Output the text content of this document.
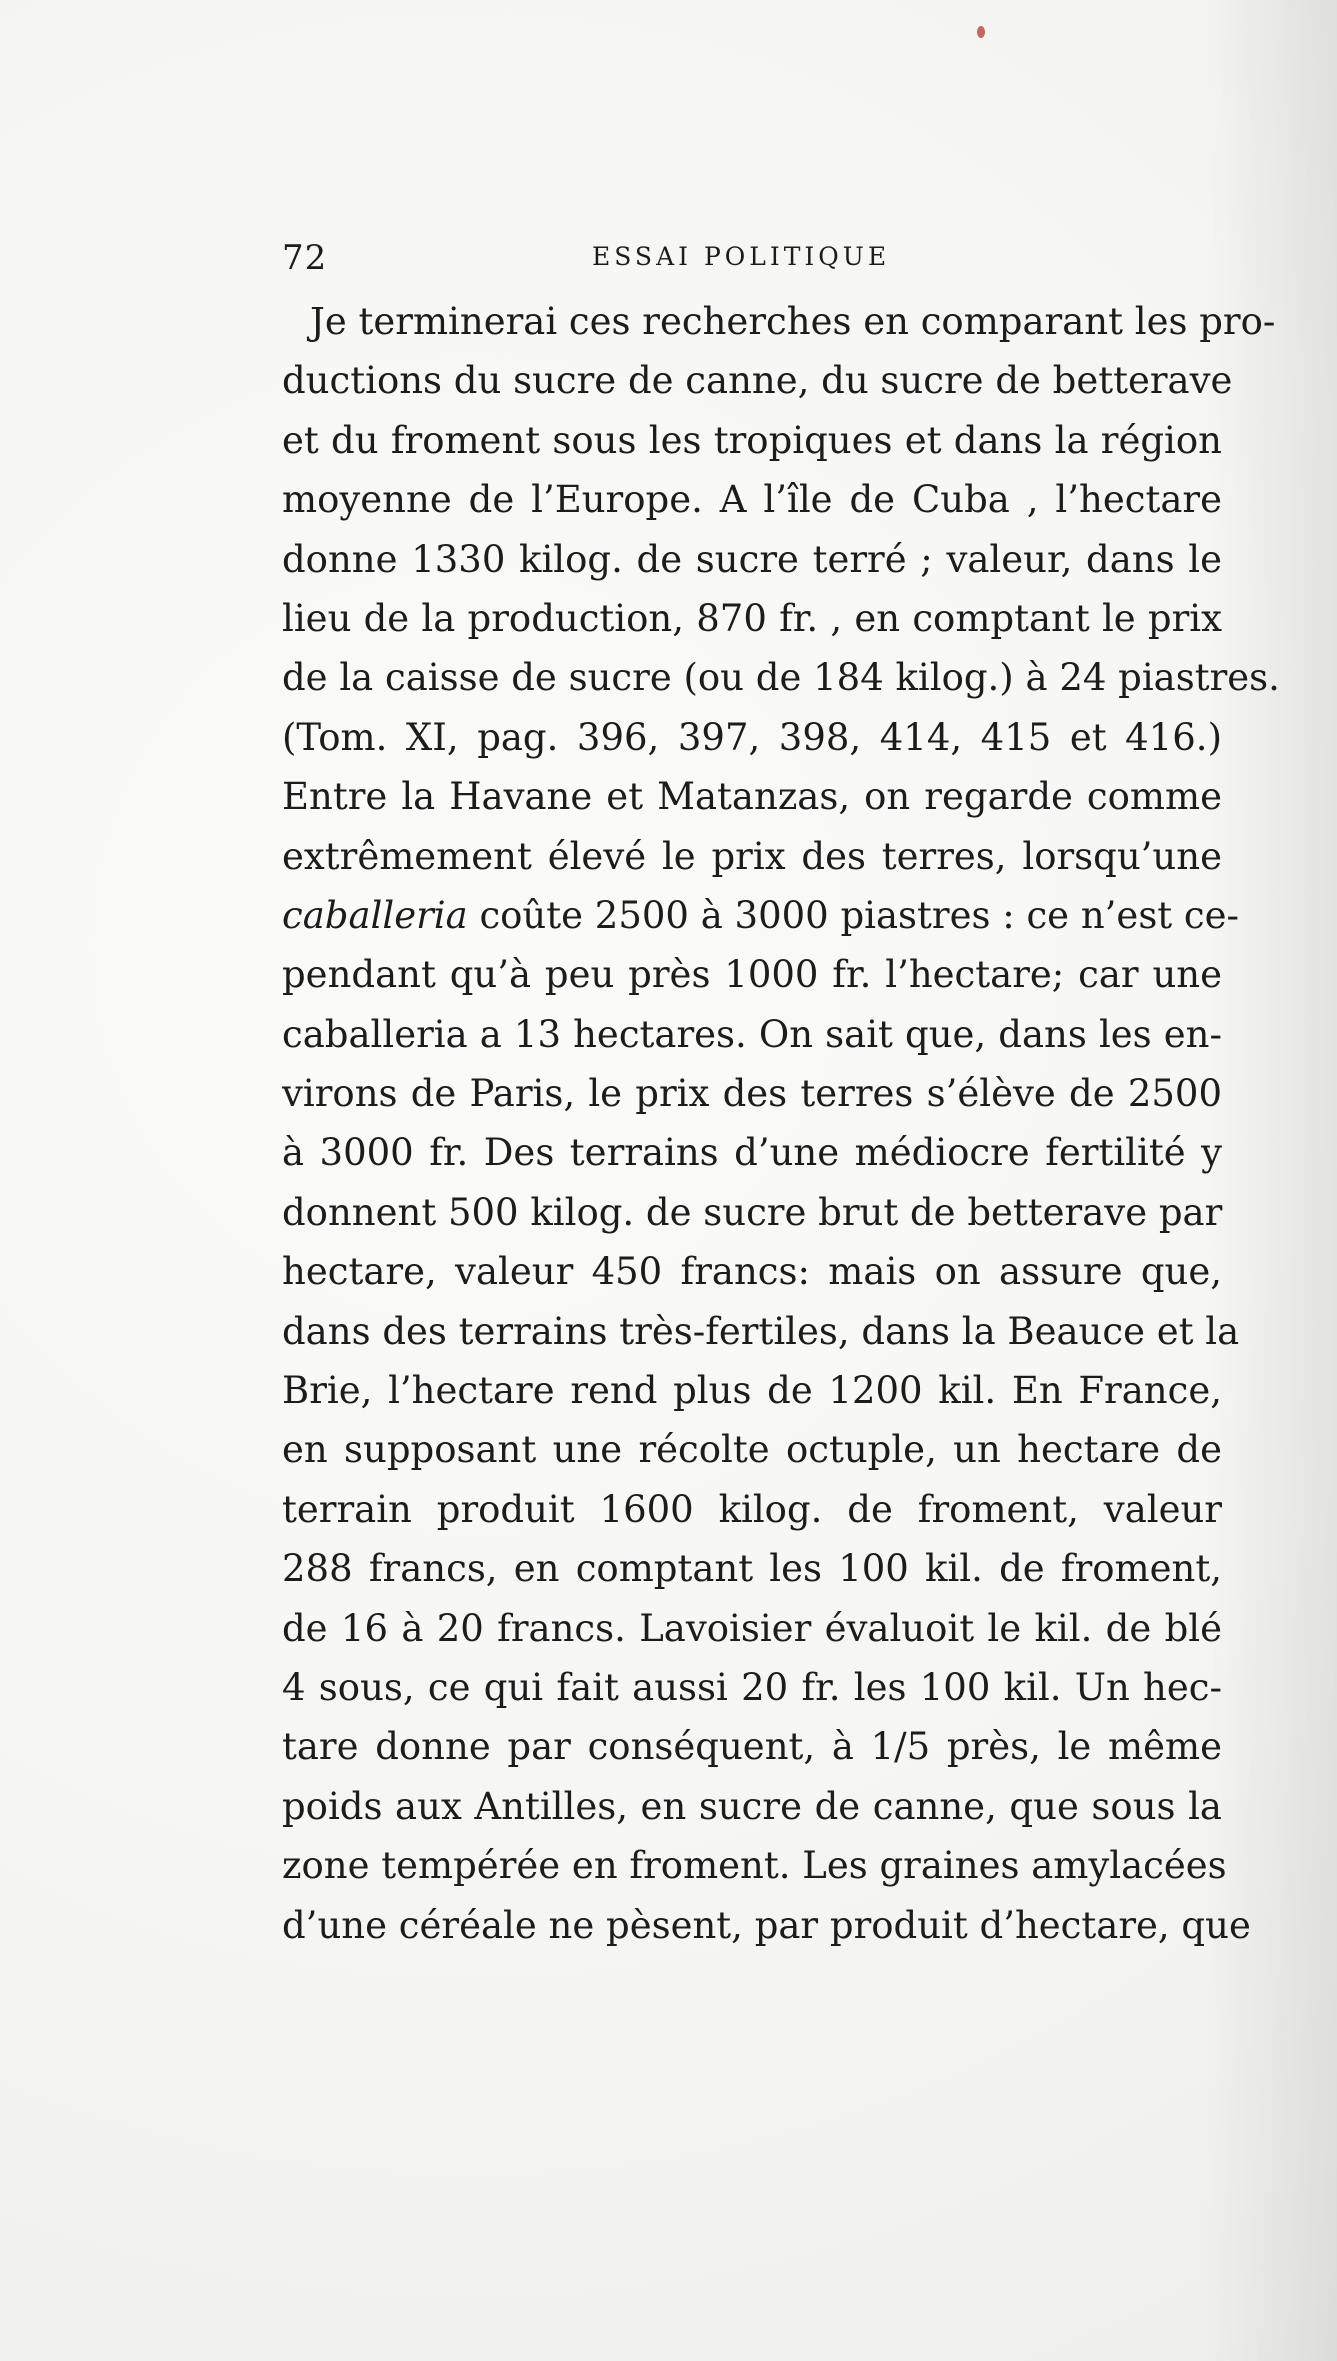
72	ESSAI POLITIQUE
Je terminerai ces recherches en comparant les pro-
ductions du sucre de canne, du sucre de betterave
et du froment sous les tropiques et dans la région
moyenne de l’Europe. A l’île de Cuba , l’hectare
donne 1330 kilog. de sucre terré ; valeur, dans le
lieu de la production, 870 fr. , en comptant le prix
de la caisse de sucre (ou de 184 kilog.) à 24 piastres.
(Tom. XI, pag. 396, 397, 398, 414, 415 et 416.)
Entre la Havane et Matanzas, on regarde comme
extrêmement élevé le prix des terres, lorsqu’une
caballeria coûte 2500 à 3000 piastres : ce n’est ce-
pendant qu’à peu près 1000 fr. l’hectare; car une
caballeria a 13 hectares. On sait que, dans les en-
virons de Paris, le prix des terres s’élève de 2500
à 3000 fr. Des terrains d’une médiocre fertilité y
donnent 500 kilog. de sucre brut de betterave par
hectare, valeur 450 francs: mais on assure que,
dans des terrains très-fertiles, dans la Beauce et la
Brie, l’hectare rend plus de 1200 kil. En France,
en supposant une récolte octuple, un hectare de
terrain produit 1600 kilog. de froment, valeur
288 francs, en comptant les 100 kil. de froment,
de 16 à 20 francs. Lavoisier évaluoit le kil. de blé
4 sous, ce qui fait aussi 20 fr. les 100 kil. Un hec-
tare donne par conséquent, à 1/5 près, le même
poids aux Antilles, en sucre de canne, que sous la
zone tempérée en froment. Les graines amylacées
d’une céréale ne pèsent, par produit d’hectare, que
